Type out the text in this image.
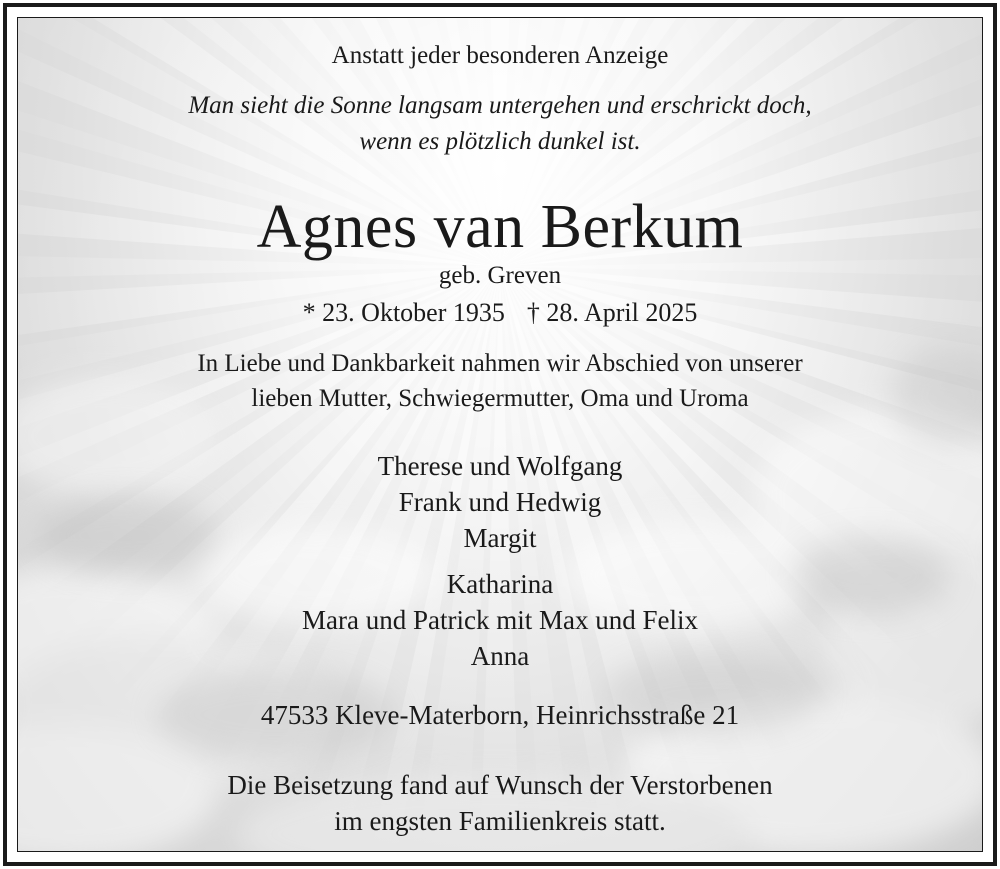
Anstatt jeder besonderen Anzeige
Man sieht die Sonne langsam untergehen und erschrickt doch,
wenn es plötzlich dunkel ist.
Agnes van Berkum
geb. Greven
* 23. Oktober 1935 † 28. April 2025
In Liebe und Dankbarkeit nahmen wir Abschied von unserer
lieben Mutter, Schwiegermutter, Oma und Uroma
Therese und Wolfgang
Frank und Hedwig
Margit
Katharina
Mara und Patrick mit Max und Felix
Anna
47533 Kleve-Materborn, Heinrichsstraße 21
Die Beisetzung fand auf Wunsch der Verstorbenen
im engsten Familienkreis statt.
